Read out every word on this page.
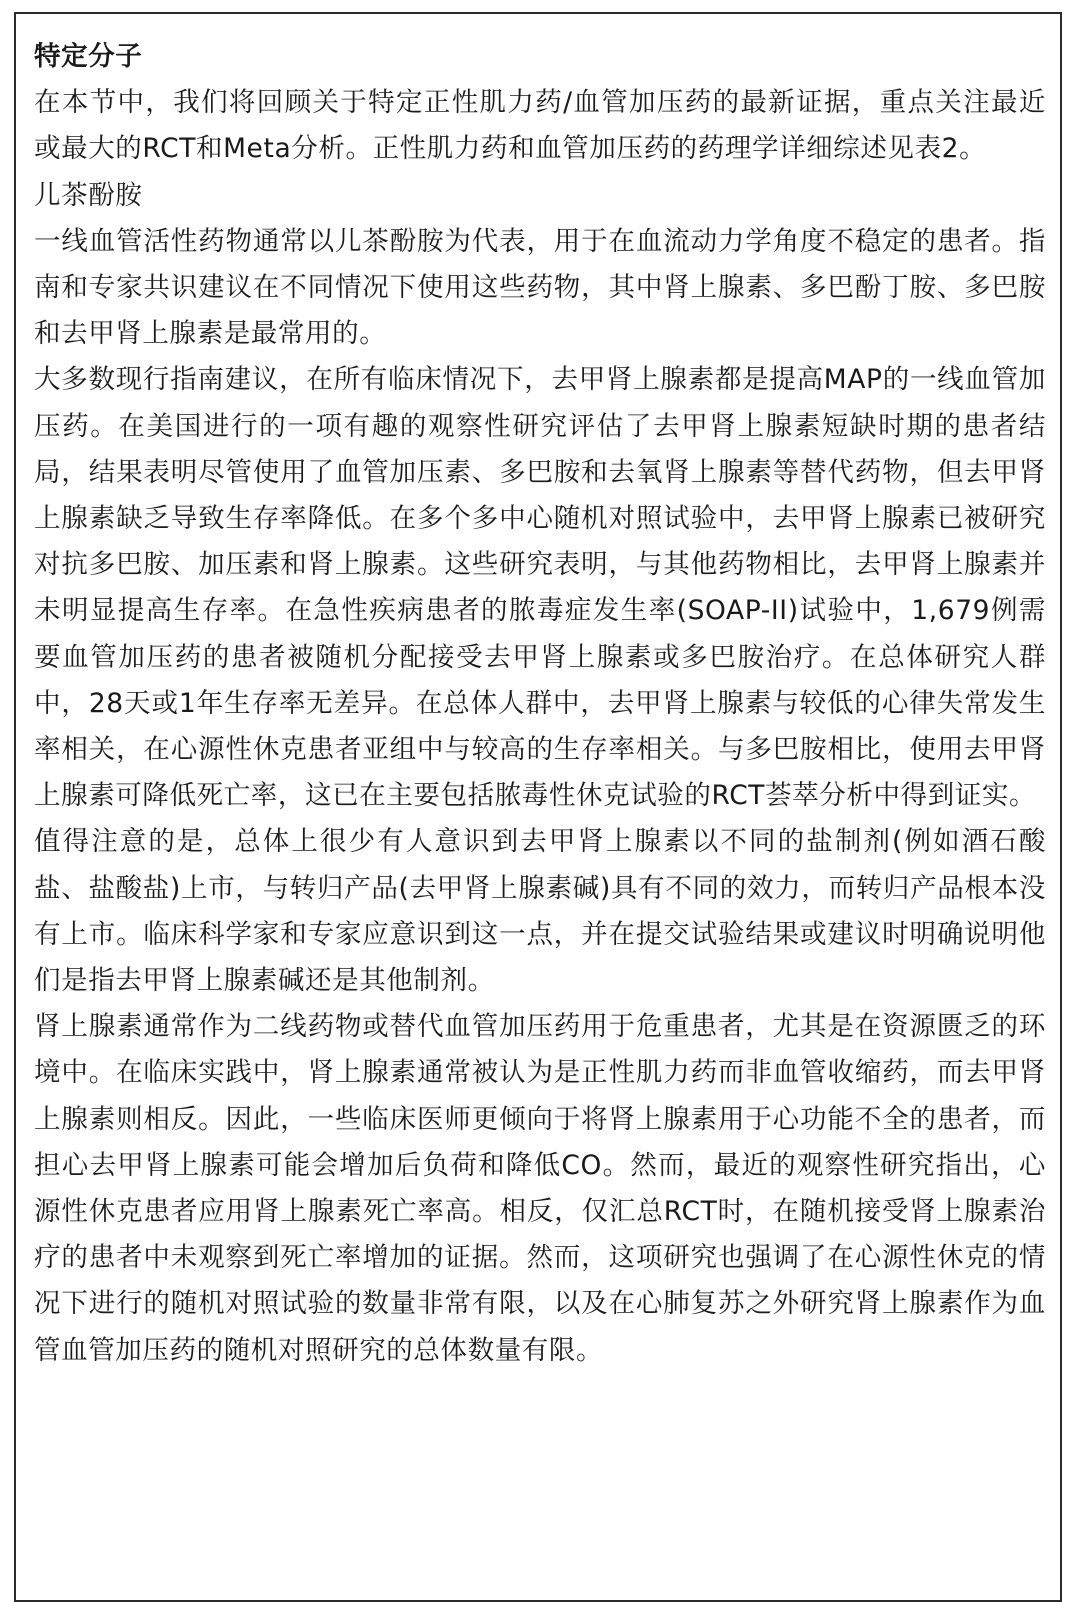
特定分子

在本节中，我们将回顾关于特定正性肌力药/血管加压药的最新证据，重点关注最近或最大的RCT和Meta分析。正性肌力药和血管加压药的药理学详细综述见表2。

儿茶酚胺

一线血管活性药物通常以儿茶酚胺为代表，用于在血流动力学角度不稳定的患者。指南和专家共识建议在不同情况下使用这些药物，其中肾上腺素、多巴酚丁胺、多巴胺和去甲肾上腺素是最常用的。

大多数现行指南建议，在所有临床情况下，去甲肾上腺素都是提高MAP的一线血管加压药。在美国进行的一项有趣的观察性研究评估了去甲肾上腺素短缺时期的患者结局，结果表明尽管使用了血管加压素、多巴胺和去氧肾上腺素等替代药物，但去甲肾上腺素缺乏导致生存率降低。在多个多中心随机对照试验中，去甲肾上腺素已被研究对抗多巴胺、加压素和肾上腺素。这些研究表明，与其他药物相比，去甲肾上腺素并未明显提高生存率。在急性疾病患者的脓毒症发生率(SOAP-II)试验中，1,679例需要血管加压药的患者被随机分配接受去甲肾上腺素或多巴胺治疗。在总体研究人群中，28天或1年生存率无差异。在总体人群中，去甲肾上腺素与较低的心律失常发生率相关，在心源性休克患者亚组中与较高的生存率相关。与多巴胺相比，使用去甲肾上腺素可降低死亡率，这已在主要包括脓毒性休克试验的RCT荟萃分析中得到证实。

值得注意的是，总体上很少有人意识到去甲肾上腺素以不同的盐制剂(例如酒石酸盐、盐酸盐)上市，与转归产品(去甲肾上腺素碱)具有不同的效力，而转归产品根本没有上市。临床科学家和专家应意识到这一点，并在提交试验结果或建议时明确说明他们是指去甲肾上腺素碱还是其他制剂。

肾上腺素通常作为二线药物或替代血管加压药用于危重患者，尤其是在资源匮乏的环境中。在临床实践中，肾上腺素通常被认为是正性肌力药而非血管收缩药，而去甲肾上腺素则相反。因此，一些临床医师更倾向于将肾上腺素用于心功能不全的患者，而担心去甲肾上腺素可能会增加后负荷和降低CO。然而，最近的观察性研究指出，心源性休克患者应用肾上腺素死亡率高。相反，仅汇总RCT时，在随机接受肾上腺素治疗的患者中未观察到死亡率增加的证据。然而，这项研究也强调了在心源性休克的情况下进行的随机对照试验的数量非常有限，以及在心肺复苏之外研究肾上腺素作为血管血管加压药的随机对照研究的总体数量有限。
